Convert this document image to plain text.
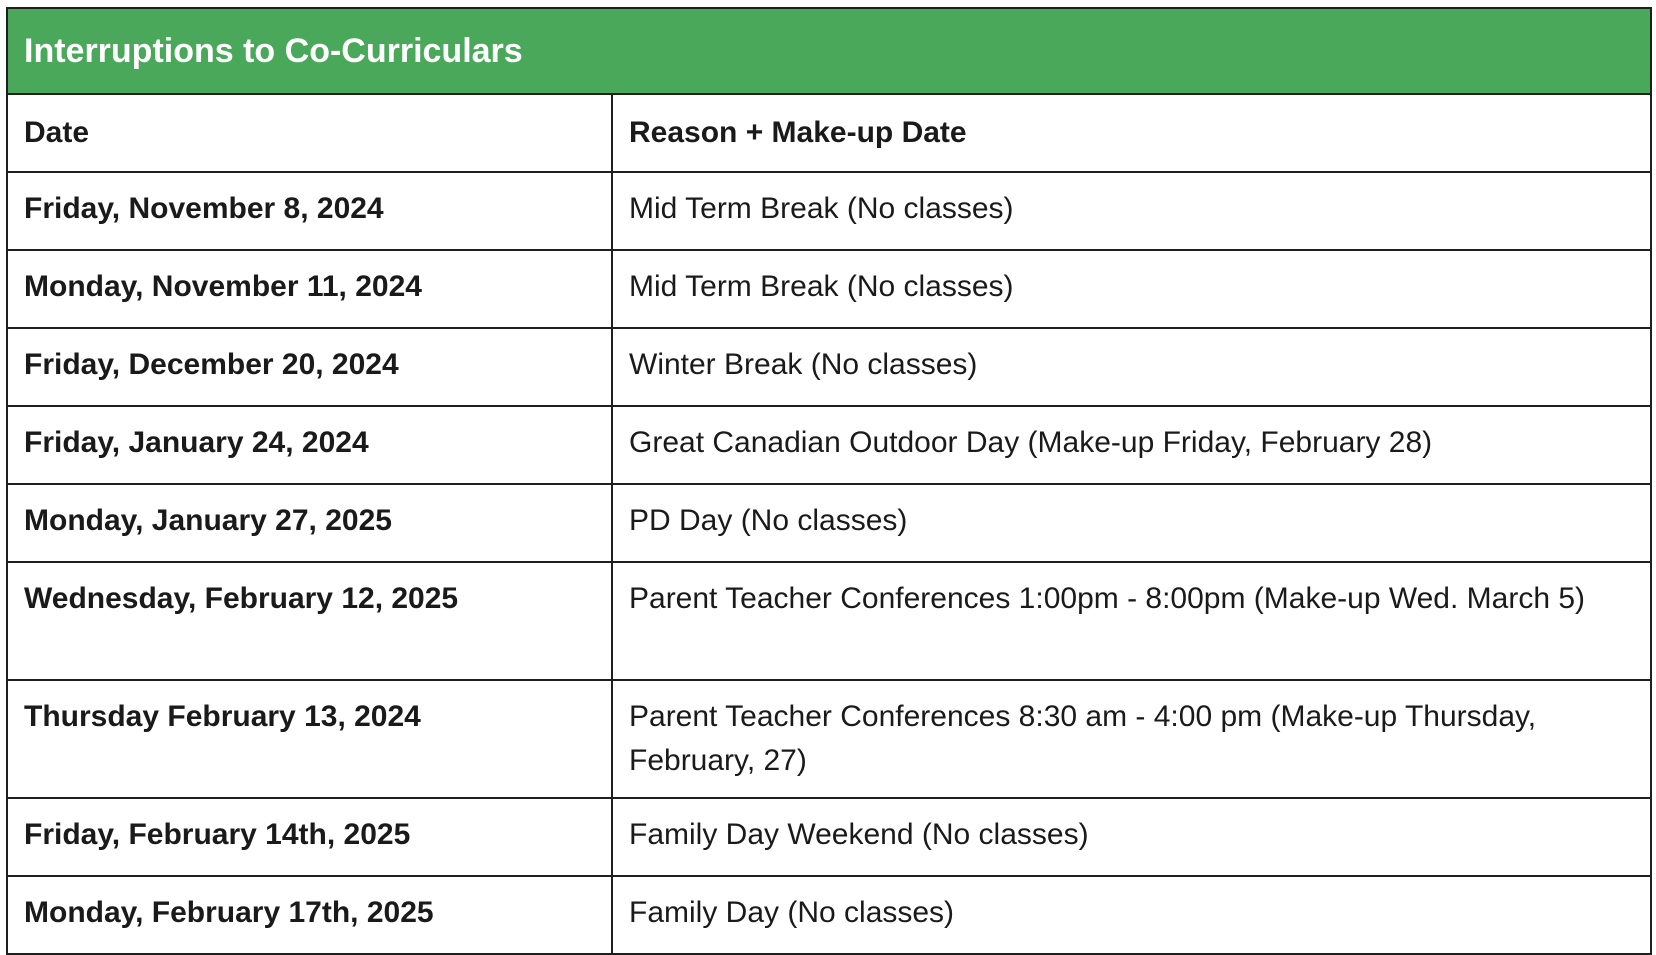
Interruptions to Co-Curriculars	
Date	Reason + Make-up Date
Friday, November 8, 2024	Mid Term Break (No classes)
Monday, November 11, 2024	Mid Term Break (No classes)
Friday, December 20, 2024	Winter Break (No classes)
Friday, January 24, 2024	Great Canadian Outdoor Day (Make-up Friday, February 28)
Monday, January 27, 2025	PD Day (No classes)
Wednesday, February 12, 2025	Parent Teacher Conferences 1:00pm - 8:00pm (Make-up Wed. March 5)
Thursday February 13, 2024	Parent Teacher Conferences 8:30 am - 4:00 pm (Make-up Thursday, February, 27)
Friday, February 14th, 2025	Family Day Weekend (No classes)
Monday, February 17th, 2025	Family Day (No classes)
